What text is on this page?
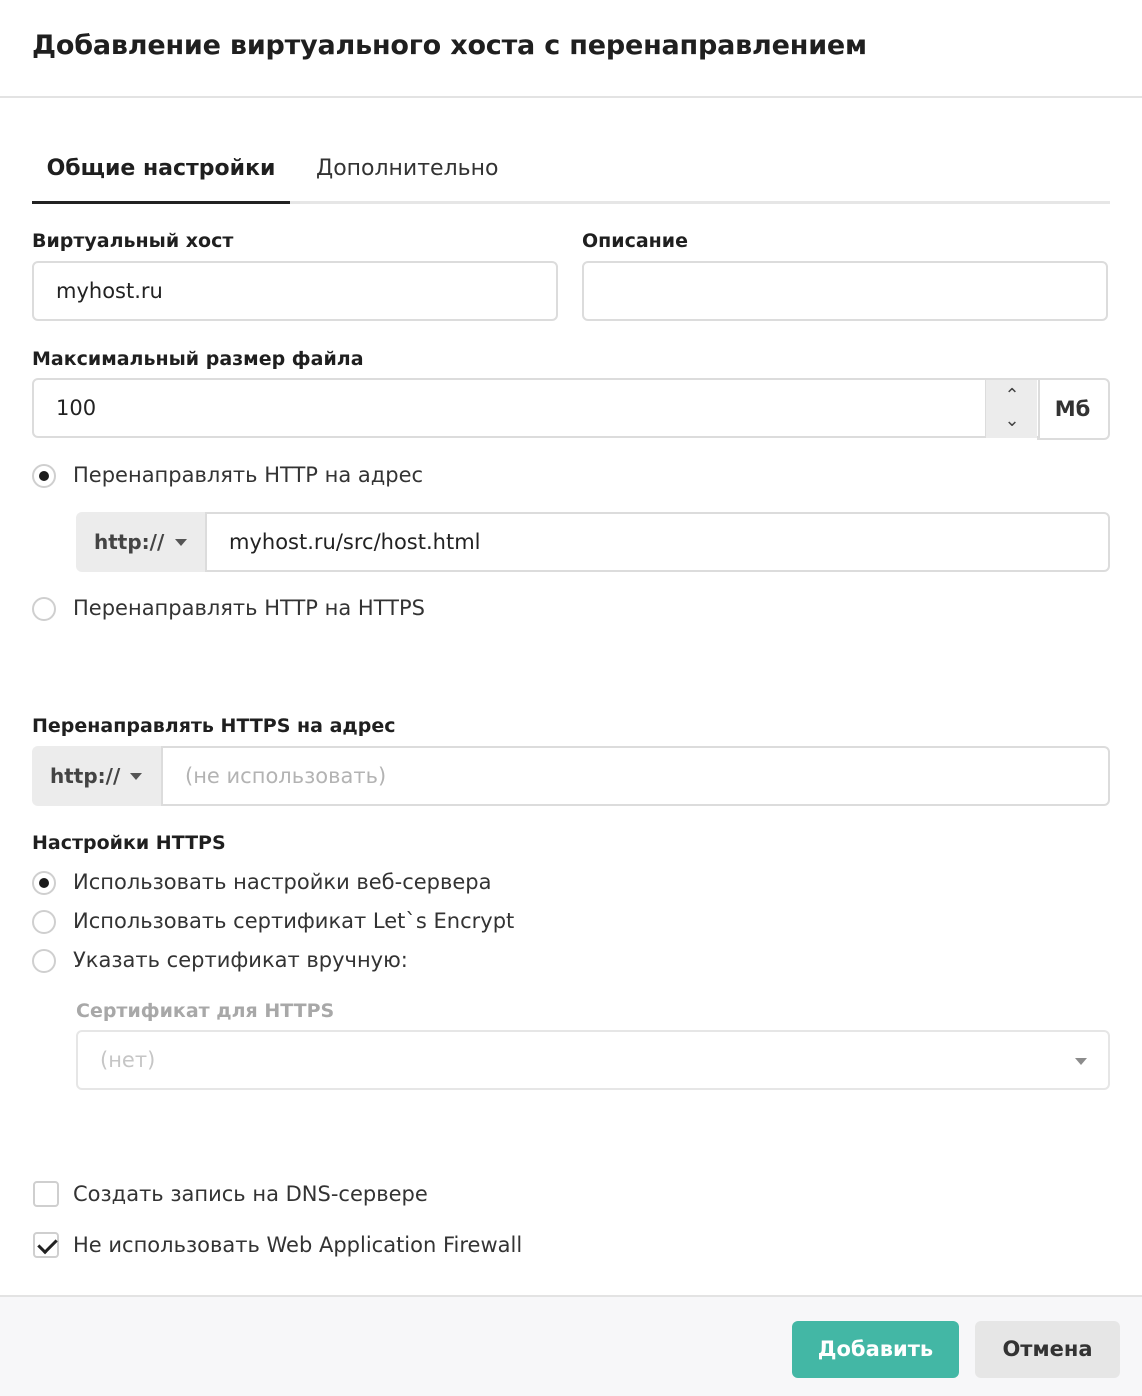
Добавление виртуального хоста с перенаправлением
Общие настройки	Дополнительно
Виртуальный хост
myhost.ru
Описание
Максимальный размер файла
100
⌃
⌄	Мб
Перенаправлять HTTP на адрес
http://	myhost.ru/src/host.html
Перенаправлять HTTP на HTTPS
Перенаправлять HTTPS на адрес
http://	(не использовать)
Настройки HTTPS
Использовать настройки веб-сервера
Использовать сертификат Let`s Encrypt
Указать сертификат вручную:
Сертификат для HTTPS
(нет)
Создать запись на DNS-сервере
Не использовать Web Application Firewall
Добавить	Отмена
